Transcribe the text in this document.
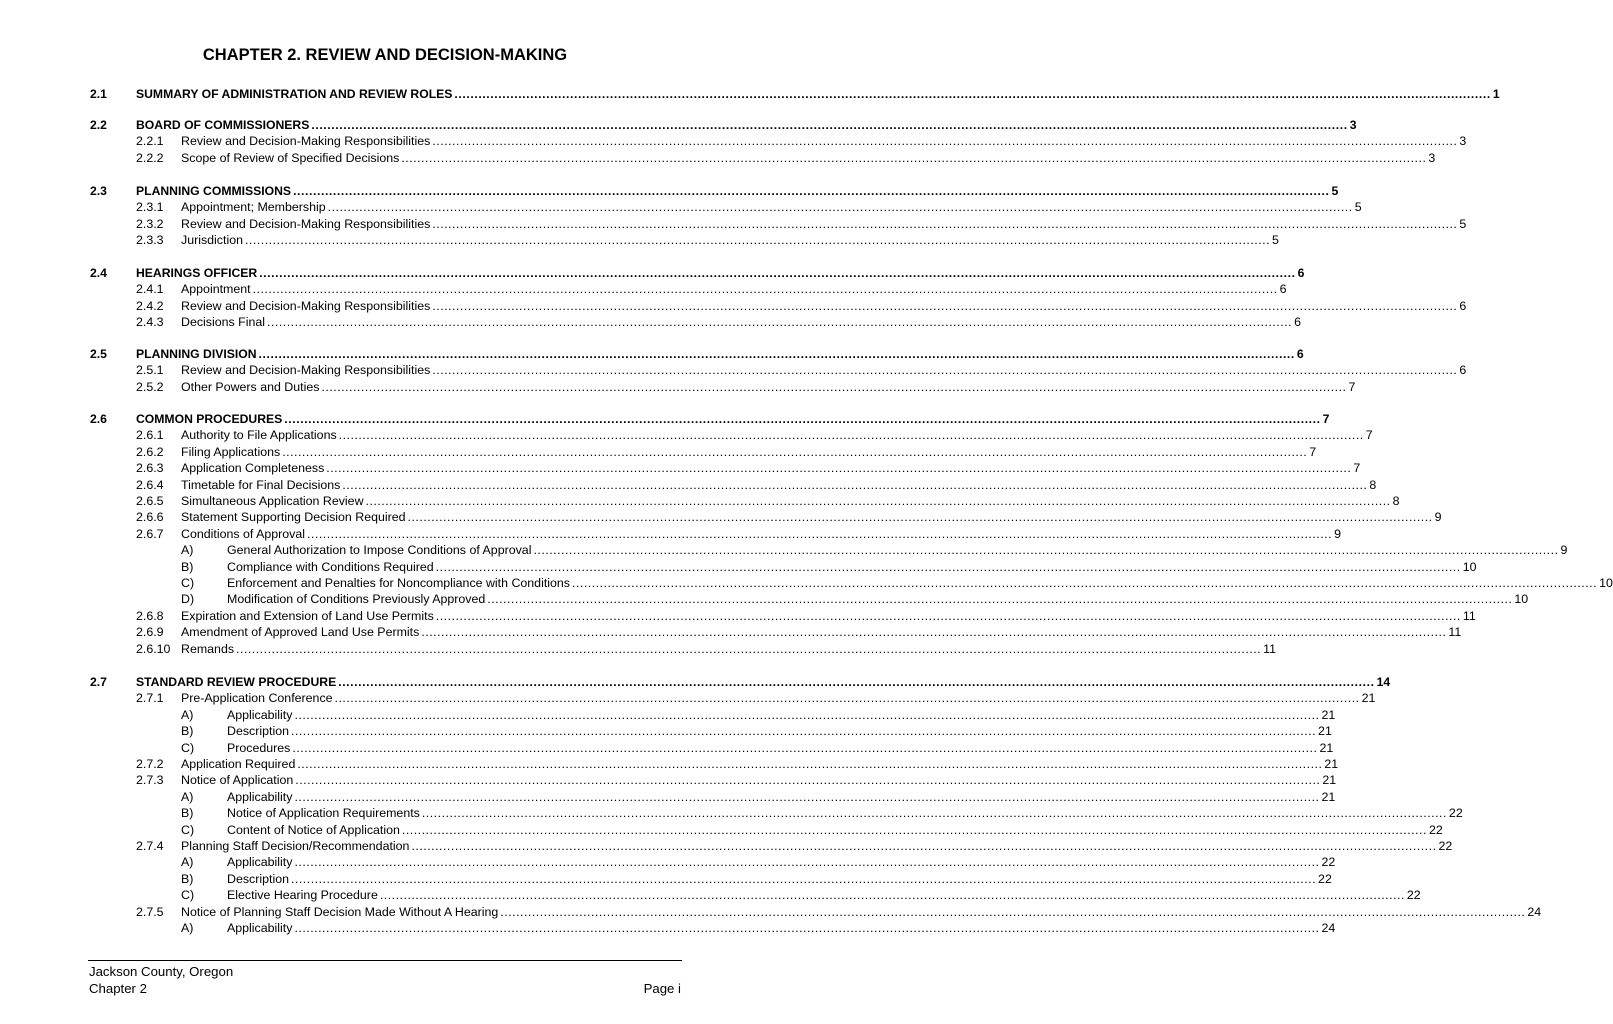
CHAPTER 2. REVIEW AND DECISION-MAKING
2.1 SUMMARY OF ADMINISTRATION AND REVIEW ROLES .................................................................................................................................................................................................................................................................... 1
2.2 BOARD OF COMMISSIONERS .................................................................................................................................................................................................................................................................... 3
2.2.1 Review and Decision-Making Responsibilities .................................................................................................................................................................................................................................................................... 3
2.2.2 Scope of Review of Specified Decisions .................................................................................................................................................................................................................................................................... 3
2.3 PLANNING COMMISSIONS .................................................................................................................................................................................................................................................................... 5
2.3.1 Appointment; Membership .................................................................................................................................................................................................................................................................... 5
2.3.2 Review and Decision-Making Responsibilities .................................................................................................................................................................................................................................................................... 5
2.3.3 Jurisdiction .................................................................................................................................................................................................................................................................... 5
2.4 HEARINGS OFFICER .................................................................................................................................................................................................................................................................... 6
2.4.1 Appointment .................................................................................................................................................................................................................................................................... 6
2.4.2 Review and Decision-Making Responsibilities .................................................................................................................................................................................................................................................................... 6
2.4.3 Decisions Final .................................................................................................................................................................................................................................................................... 6
2.5 PLANNING DIVISION .................................................................................................................................................................................................................................................................... 6
2.5.1 Review and Decision-Making Responsibilities .................................................................................................................................................................................................................................................................... 6
2.5.2 Other Powers and Duties .................................................................................................................................................................................................................................................................... 7
2.6 COMMON PROCEDURES .................................................................................................................................................................................................................................................................... 7
2.6.1 Authority to File Applications .................................................................................................................................................................................................................................................................... 7
2.6.2 Filing Applications .................................................................................................................................................................................................................................................................... 7
2.6.3 Application Completeness .................................................................................................................................................................................................................................................................... 7
2.6.4 Timetable for Final Decisions .................................................................................................................................................................................................................................................................... 8
2.6.5 Simultaneous Application Review .................................................................................................................................................................................................................................................................... 8
2.6.6 Statement Supporting Decision Required .................................................................................................................................................................................................................................................................... 9
2.6.7 Conditions of Approval .................................................................................................................................................................................................................................................................... 9
A)	General Authorization to Impose Conditions of Approval .................................................................................................................................................................................................................................................................... 9
B)	Compliance with Conditions Required .................................................................................................................................................................................................................................................................... 10
C)	Enforcement and Penalties for Noncompliance with Conditions .................................................................................................................................................................................................................................................................... 10
D)	Modification of Conditions Previously Approved .................................................................................................................................................................................................................................................................... 10
2.6.8 Expiration and Extension of Land Use Permits .................................................................................................................................................................................................................................................................... 11
2.6.9 Amendment of Approved Land Use Permits .................................................................................................................................................................................................................................................................... 11
2.6.10 Remands .................................................................................................................................................................................................................................................................... 11
2.7 STANDARD REVIEW PROCEDURE .................................................................................................................................................................................................................................................................... 14
2.7.1 Pre-Application Conference .................................................................................................................................................................................................................................................................... 21
A)	Applicability .................................................................................................................................................................................................................................................................... 21
B)	Description .................................................................................................................................................................................................................................................................... 21
C)	Procedures .................................................................................................................................................................................................................................................................... 21
2.7.2 Application Required .................................................................................................................................................................................................................................................................... 21
2.7.3 Notice of Application .................................................................................................................................................................................................................................................................... 21
A)	Applicability .................................................................................................................................................................................................................................................................... 21
B)	Notice of Application Requirements .................................................................................................................................................................................................................................................................... 22
C)	Content of Notice of Application .................................................................................................................................................................................................................................................................... 22
2.7.4 Planning Staff Decision/Recommendation .................................................................................................................................................................................................................................................................... 22
A)	Applicability .................................................................................................................................................................................................................................................................... 22
B)	Description .................................................................................................................................................................................................................................................................... 22
C)	Elective Hearing Procedure .................................................................................................................................................................................................................................................................... 22
2.7.5 Notice of Planning Staff Decision Made Without A Hearing .................................................................................................................................................................................................................................................................... 24
A)	Applicability .................................................................................................................................................................................................................................................................... 24
Jackson County, Oregon
Chapter 2	Page i
